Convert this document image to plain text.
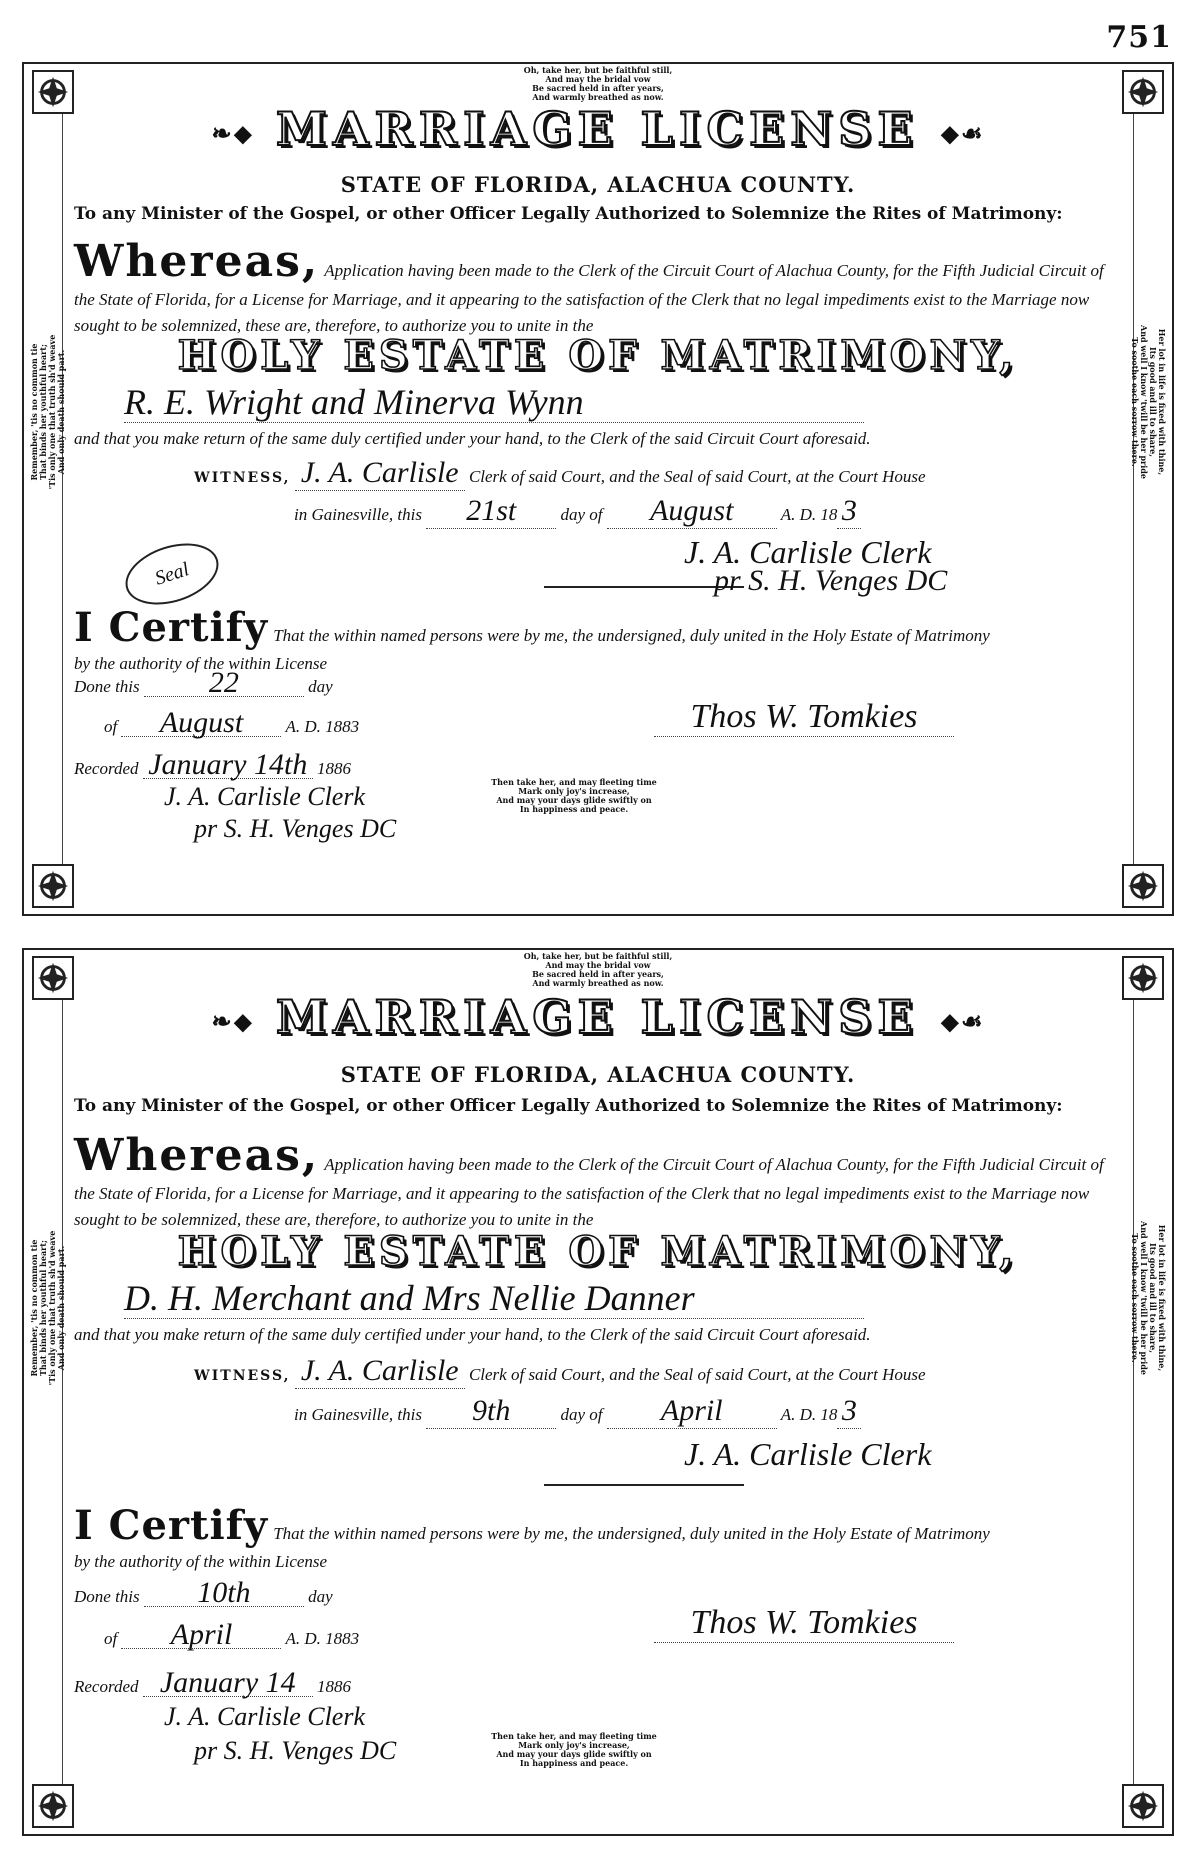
751
Oh, take her, but be faithful still,
And may the bridal vow
Be sacred held in after years,
And warmly breathed as now.
❧◆ MARRIAGE LICENSE ◆☙
STATE OF FLORIDA, ALACHUA COUNTY.
To any Minister of the Gospel, or other Officer Legally Authorized to Solemnize the Rites of Matrimony:
Whereas, Application having been made to the Clerk of the Circuit Court of Alachua County, for the Fifth Judicial Circuit of the State of Florida, for a License for Marriage, and it appearing to the satisfaction of the Clerk that no legal impediments exist to the Marriage now sought to be solemnized, these are, therefore, to authorize you to unite in the
HOLY ESTATE OF MATRIMONY,
Remember, 'tis no common tie That binds her youthful heart; 'Tis only one that truth sh'd weave And only death should part.	Her lot in life is fixed with thine,
Its good and ill to share,
And well I know 'twill be her pride
To soothe each sorrow there.
R. E. Wright and Minerva Wynn
and that you make return of the same duly certified under your hand, to the Clerk of the said Circuit Court aforesaid.
WITNESS, J. A. Carlisle Clerk of said Court, and the Seal of said Court, at the Court House
in Gainesville, this 21st	day of August	A. D. 18 3
Seal
J. A. Carlisle Clerk
pr S. H. Venges DC
I Certify That the within named persons were by me, the undersigned, duly united in the Holy Estate of Matrimony
by the authority of the within License
Done this 22	day
of August A. D. 1883	Thos W. Tomkies
Recorded January 14th 1886
J. A. Carlisle Clerk
pr S. H. Venges DC
Then take her, and may fleeting time
Mark only joy's increase,
And may your days glide swiftly on
In happiness and peace.
Oh, take her, but be faithful still,
And may the bridal vow
Be sacred held in after years,
And warmly breathed as now.
❧◆ MARRIAGE LICENSE ◆☙
STATE OF FLORIDA, ALACHUA COUNTY.
To any Minister of the Gospel, or other Officer Legally Authorized to Solemnize the Rites of Matrimony:
Whereas, Application having been made to the Clerk of the Circuit Court of Alachua County, for the Fifth Judicial Circuit of the State of Florida, for a License for Marriage, and it appearing to the satisfaction of the Clerk that no legal impediments exist to the Marriage now sought to be solemnized, these are, therefore, to authorize you to unite in the
HOLY ESTATE OF MATRIMONY,
Remember, 'tis no common tie That binds her youthful heart; 'Tis only one that truth sh'd weave And only death should part.	Her lot in life is fixed with thine,
Its good and ill to share,
And well I know 'twill be her pride
To soothe each sorrow there.
D. H. Merchant and Mrs Nellie Danner
and that you make return of the same duly certified under your hand, to the Clerk of the said Circuit Court aforesaid.
WITNESS, J. A. Carlisle Clerk of said Court, and the Seal of said Court, at the Court House
in Gainesville, this 9th	day of April	A. D. 18 3
J. A. Carlisle Clerk
I Certify That the within named persons were by me, the undersigned, duly united in the Holy Estate of Matrimony
by the authority of the within License
Done this 10th	day
of April	A. D. 1883	Thos W. Tomkies
Recorded January 14 1886
J. A. Carlisle Clerk
pr S. H. Venges DC	Then take her, and may fleeting time
Mark only joy's increase,
And may your days glide swiftly on
In happiness and peace.
